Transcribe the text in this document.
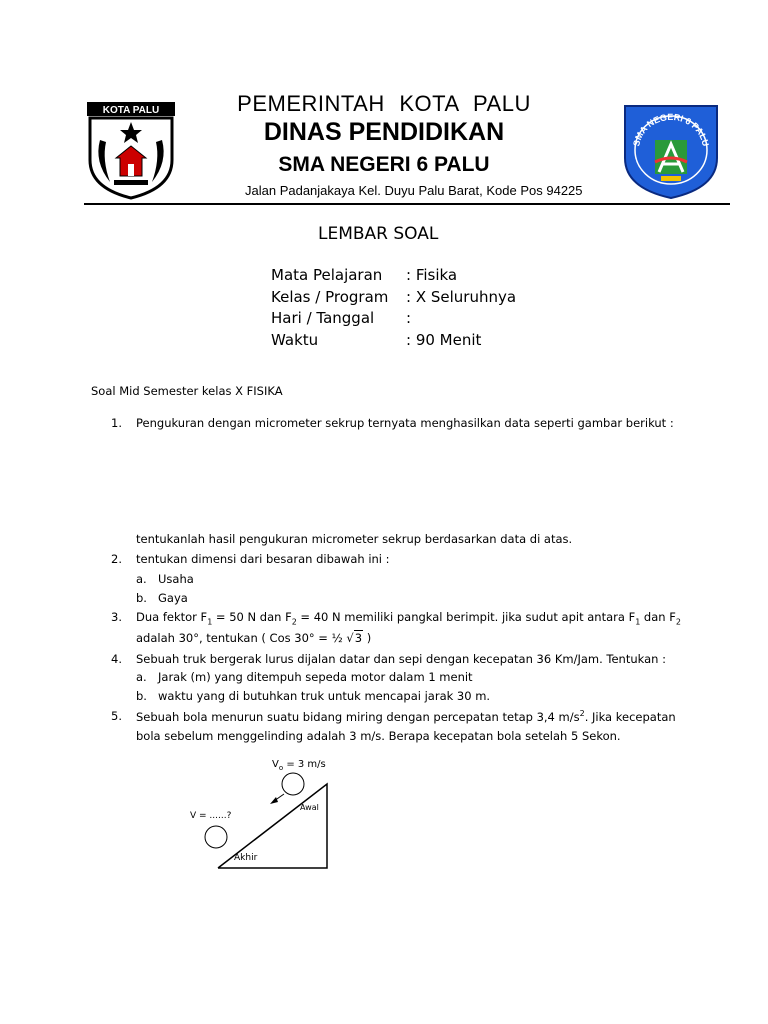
KOTA PALU
SMA NEGERI 6 PALU
PEMERINTAH KOTA PALU
DINAS PENDIDIKAN
SMA NEGERI 6 PALU
Jalan Padanjakaya Kel. Duyu Palu Barat, Kode Pos 94225
LEMBAR SOAL
Mata Pelajaran : Fisika
Kelas / Program : X Seluruhnya
Hari / Tanggal :
Waktu	: 90 Menit
Soal Mid Semester kelas X FISIKA
1. Pengukuran dengan micrometer sekrup ternyata menghasilkan data seperti gambar berikut :
tentukanlah hasil pengukuran micrometer sekrup berdasarkan data di atas.
2. tentukan dimensi dari besaran dibawah ini :
a. Usaha
b. Gaya
3. Dua fektor $F_1 = 50$ N dan $F_2 = 40$ N memiliki pangkal berimpit. jika sudut apit antara $F_1$ dan $F_2$
adalah 30°, tentukan ( Cos 30° = ½ √3 )
4. Sebuah truk bergerak lurus dijalan datar dan sepi dengan kecepatan 36 Km/Jam. Tentukan :
a. Jarak (m) yang ditempuh sepeda motor dalam 1 menit
b. waktu yang di butuhkan truk untuk mencapai jarak 30 m.
5. Sebuah bola menurun suatu bidang miring dengan percepatan tetap 3,4 $m/s^2$. Jika kecepatan
bola sebelum menggelinding adalah 3 m/s. Berapa kecepatan bola setelah 5 Sekon.
$V_o = 3$ m/s
Awal
V = ......?
Akhir
